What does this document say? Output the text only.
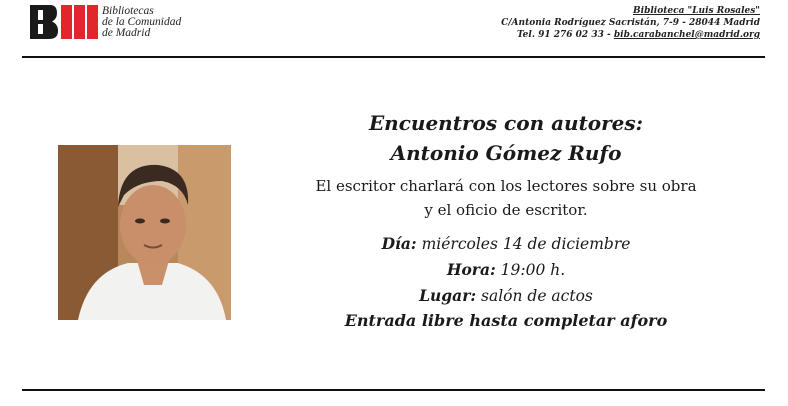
Bibliotecas
de la Comunidad
de Madrid
Biblioteca "Luis Rosales"
C/Antonia Rodríguez Sacristán, 7-9 - 28044 Madrid
Tel. 91 276 02 33 - bib.carabanchel@madrid.org
Encuentros con autores:
Antonio Gómez Rufo
El escritor charlará con los lectores sobre su obra
y el oficio de escritor.
Día: miércoles 14 de diciembre
Hora: 19:00 h.
Lugar: salón de actos
Entrada libre hasta completar aforo
